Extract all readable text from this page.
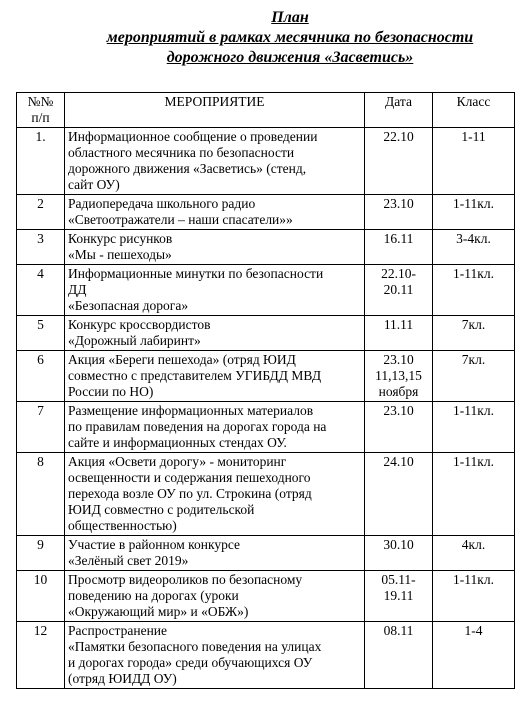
План
мероприятий в рамках месячника по безопасности
дорожного движения «Засветись»
№№
п/п	МЕРОПРИЯТИЕ	Дата	Класс
1.	Информационное сообщение о проведении
областного месячника по безопасности
дорожного движения «Засветись» (стенд,
сайт ОУ)	22.10	1-11
2	Радиопередача школьного радио
«Светоотражатели – наши спасатели»»	23.10	1-11кл.
3	Конкурс рисунков
«Мы - пешеходы»	16.11	3-4кл.
4	Информационные минутки по безопасности
ДД
«Безопасная дорога»	22.10-
20.11	1-11кл.
5	Конкурс кроссвордистов
«Дорожный лабиринт»	11.11	7кл.
6	Акция «Береги пешехода» (отряд ЮИД
совместно с представителем УГИБДД МВД
России по НО)	23.10
11,13,15
ноября	7кл.
7	Размещение информационных материалов
по правилам поведения на дорогах города на
сайте и информационных стендах ОУ.	23.10	1-11кл.
8	Акция «Освети дорогу» - мониторинг
освещенности и содержания пешеходного
перехода возле ОУ по ул. Строкина (отряд
ЮИД совместно с родительской
общественностью)	24.10	1-11кл.
9	Участие в районном конкурсе
«Зелёный свет 2019»	30.10	4кл.
10	Просмотр видеороликов по безопасному
поведению на дорогах (уроки
«Окружающий мир» и «ОБЖ»)	05.11-
19.11	1-11кл.
12	Распространение
«Памятки безопасного поведения на улицах
и дорогах города» среди обучающихся ОУ
(отряд ЮИДД ОУ)	08.11	1-4
